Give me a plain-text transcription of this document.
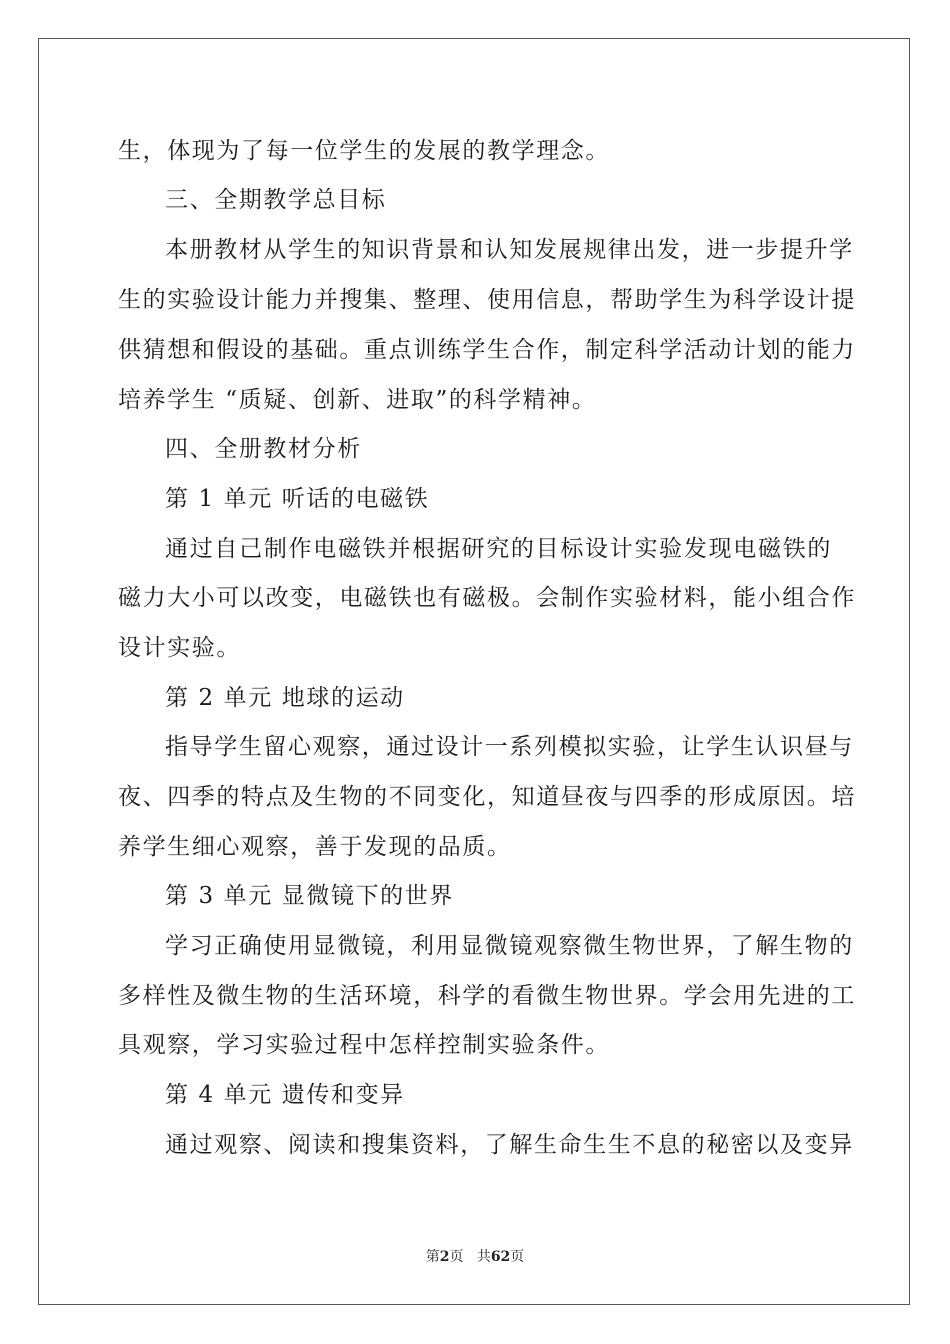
生，体现为了每一位学生的发展的教学理念。
三、全期教学总目标
本册教材从学生的知识背景和认知发展规律出发，进一步提升学
生的实验设计能力并搜集、整理、使用信息，帮助学生为科学设计提
供猜想和假设的基础。重点训练学生合作，制定科学活动计划的能力
培养学生 “质疑、创新、进取”的科学精神。
四、全册教材分析
第 1 单元 听话的电磁铁
通过自己制作电磁铁并根据研究的目标设计实验发现电磁铁的
磁力大小可以改变，电磁铁也有磁极。会制作实验材料，能小组合作
设计实验。
第 2 单元 地球的运动
指导学生留心观察，通过设计一系列模拟实验，让学生认识昼与
夜、四季的特点及生物的不同变化，知道昼夜与四季的形成原因。培
养学生细心观察，善于发现的品质。
第 3 单元 显微镜下的世界
学习正确使用显微镜，利用显微镜观察微生物世界，了解生物的
多样性及微生物的生活环境，科学的看微生物世界。学会用先进的工
具观察，学习实验过程中怎样控制实验条件。
第 4 单元 遗传和变异
通过观察、阅读和搜集资料，了解生命生生不息的秘密以及变异
第2页 共62页
